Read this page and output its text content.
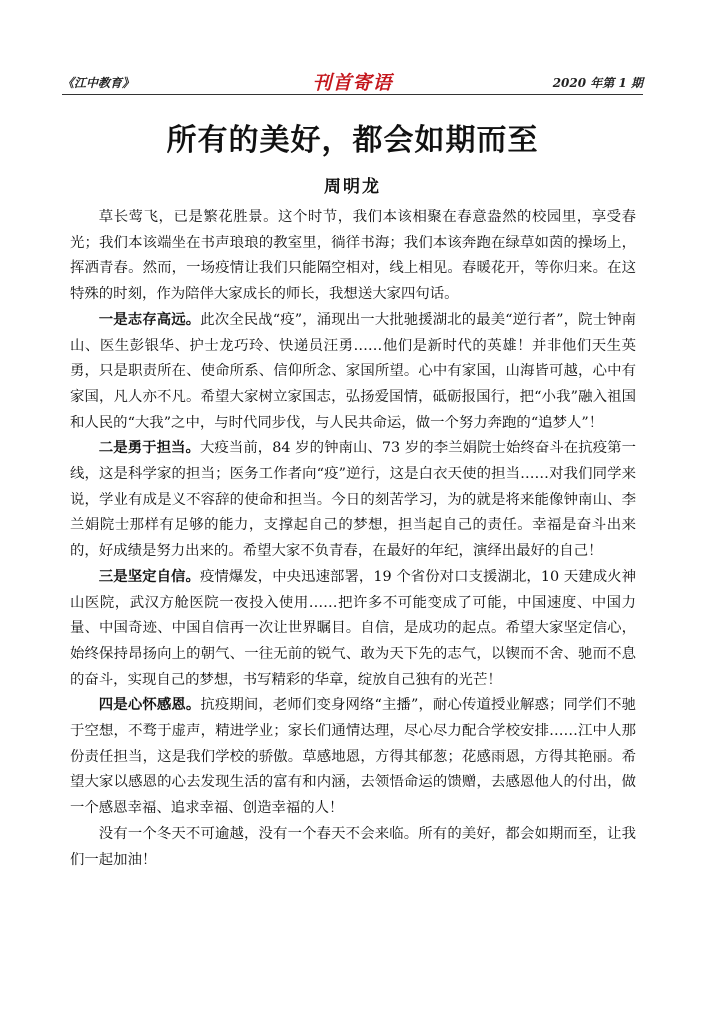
《江中教育》	刊首寄语	2020 年第 1 期
所有的美好，都会如期而至
周明龙

草长莺飞，已是繁花胜景。这个时节，我们本该相聚在春意盎然的校园里，享受春光；我们本该端坐在书声琅琅的教室里，徜徉书海；我们本该奔跑在绿草如茵的操场上，挥洒青春。然而，一场疫情让我们只能隔空相对，线上相见。春暖花开，等你归来。在这特殊的时刻，作为陪伴大家成长的师长，我想送大家四句话。

一是志存高远。此次全民战“疫”，涌现出一大批驰援湖北的最美“逆行者”，院士钟南山、医生彭银华、护士龙巧玲、快递员汪勇……他们是新时代的英雄！并非他们天生英勇，只是职责所在、使命所系、信仰所念、家国所望。心中有家国，山海皆可越，心中有家国，凡人亦不凡。希望大家树立家国志，弘扬爱国情，砥砺报国行，把“小我”融入祖国和人民的“大我”之中，与时代同步伐，与人民共命运，做一个努力奔跑的“追梦人”！

二是勇于担当。大疫当前，84 岁的钟南山、73 岁的李兰娟院士始终奋斗在抗疫第一线，这是科学家的担当；医务工作者向“疫”逆行，这是白衣天使的担当……对我们同学来说，学业有成是义不容辞的使命和担当。今日的刻苦学习，为的就是将来能像钟南山、李兰娟院士那样有足够的能力，支撑起自己的梦想，担当起自己的责任。幸福是奋斗出来的，好成绩是努力出来的。希望大家不负青春，在最好的年纪，演绎出最好的自己！

三是坚定自信。疫情爆发，中央迅速部署，19 个省份对口支援湖北，10 天建成火神山医院，武汉方舱医院一夜投入使用……把许多不可能变成了可能，中国速度、中国力量、中国奇迹、中国自信再一次让世界瞩目。自信，是成功的起点。希望大家坚定信心，始终保持昂扬向上的朝气、一往无前的锐气、敢为天下先的志气，以锲而不舍、驰而不息的奋斗，实现自己的梦想，书写精彩的华章，绽放自己独有的光芒！

四是心怀感恩。抗疫期间，老师们变身网络“主播”，耐心传道授业解惑；同学们不驰于空想，不骛于虚声，精进学业；家长们通情达理，尽心尽力配合学校安排……江中人那份责任担当，这是我们学校的骄傲。草感地恩，方得其郁葱；花感雨恩，方得其艳丽。希望大家以感恩的心去发现生活的富有和内涵，去领悟命运的馈赠，去感恩他人的付出，做一个感恩幸福、追求幸福、创造幸福的人！

没有一个冬天不可逾越，没有一个春天不会来临。所有的美好，都会如期而至，让我们一起加油！
